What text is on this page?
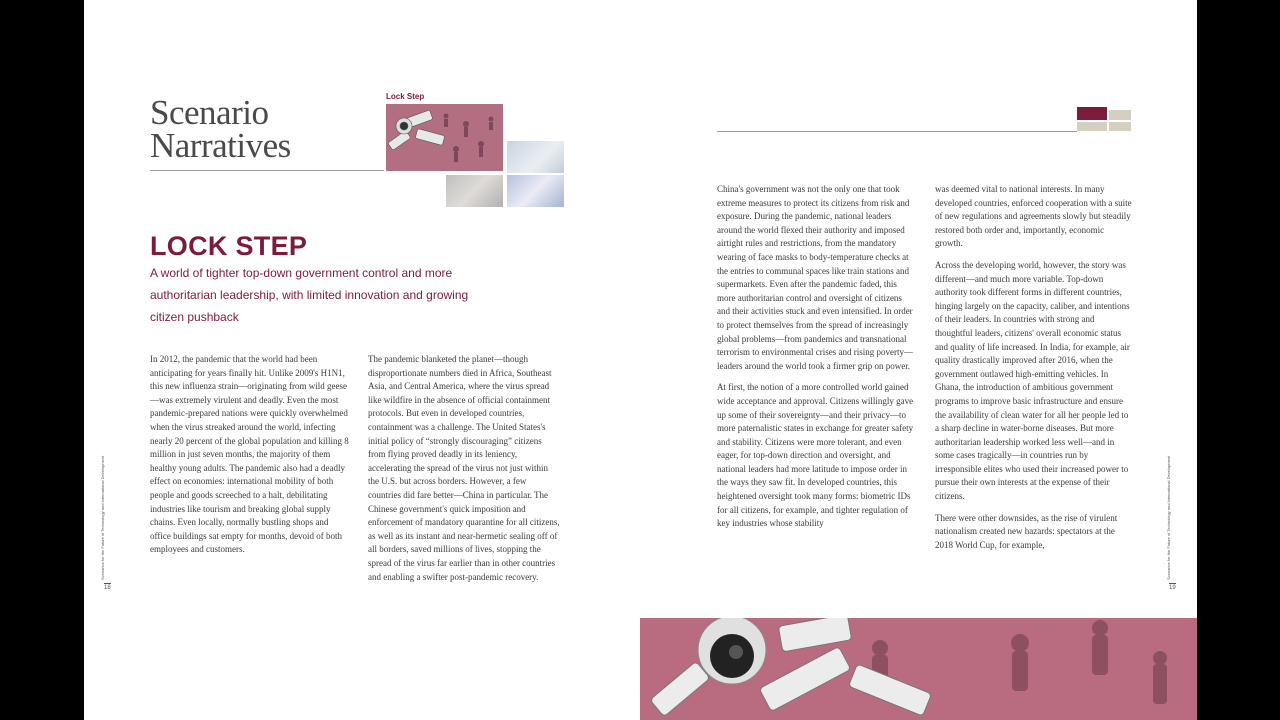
Scenario
Narratives
Lock Step
LOCK STEP
A world of tighter top-down government control and more authoritarian leadership, with limited innovation and growing citizen pushback

In 2012, the pandemic that the world had been anticipating for years finally hit. Unlike 2009's H1N1, this new influenza strain—originating from wild geese—was extremely virulent and deadly. Even the most pandemic-prepared nations were quickly overwhelmed when the virus streaked around the world, infecting nearly 20 percent of the global population and killing 8 million in just seven months, the majority of them healthy young adults. The pandemic also had a deadly effect on economies: international mobility of both people and goods screeched to a halt, debilitating industries like tourism and breaking global supply chains. Even locally, normally bustling shops and office buildings sat empty for months, devoid of both employees and customers.

The pandemic blanketed the planet—though disproportionate numbers died in Africa, Southeast Asia, and Central America, where the virus spread like wildfire in the absence of official containment protocols. But even in developed countries, containment was a challenge. The United States's initial policy of “strongly discouraging” citizens from flying proved deadly in its leniency, accelerating the spread of the virus not just within the U.S. but across borders. However, a few countries did fare better—China in particular. The Chinese government's quick imposition and enforcement of mandatory quarantine for all citizens, as well as its instant and near-hermetic sealing off of all borders, saved millions of lives, stopping the spread of the virus far earlier than in other countries and enabling a swifter post-pandemic recovery.

China's government was not the only one that took extreme measures to protect its citizens from risk and exposure. During the pandemic, national leaders around the world flexed their authority and imposed airtight rules and restrictions, from the mandatory wearing of face masks to body-temperature checks at the entries to communal spaces like train stations and supermarkets. Even after the pandemic faded, this more authoritarian control and oversight of citizens and their activities stuck and even intensified. In order to protect themselves from the spread of increasingly global problems—from pandemics and transnational terrorism to environmental crises and rising poverty—leaders around the world took a firmer grip on power.

At first, the notion of a more controlled world gained wide acceptance and approval. Citizens willingly gave up some of their sovereignty—and their privacy—to more paternalistic states in exchange for greater safety and stability. Citizens were more tolerant, and even eager, for top-down direction and oversight, and national leaders had more latitude to impose order in the ways they saw fit. In developed countries, this heightened oversight took many forms: biometric IDs for all citizens, for example, and tighter regulation of key industries whose stability

was deemed vital to national interests. In many developed countries, enforced cooperation with a suite of new regulations and agreements slowly but steadily restored both order and, importantly, economic growth.

Across the developing world, however, the story was different—and much more variable. Top-down authority took different forms in different countries, hinging largely on the capacity, caliber, and intentions of their leaders. In countries with strong and thoughtful leaders, citizens' overall economic status and quality of life increased. In India, for example, air quality drastically improved after 2016, when the government outlawed high-emitting vehicles. In Ghana, the introduction of ambitious government programs to improve basic infrastructure and ensure the availability of clean water for all her people led to a sharp decline in water-borne diseases. But more authoritarian leadership worked less well—and in some cases tragically—in countries run by irresponsible elites who used their increased power to pursue their own interests at the expense of their citizens.

There were other downsides, as the rise of virulent nationalism created new hazards: spectators at the 2018 World Cup, for example,

Scenarios for the Future of Technology and International Development	Scenarios for the Future of Technology and International Development
18	19
